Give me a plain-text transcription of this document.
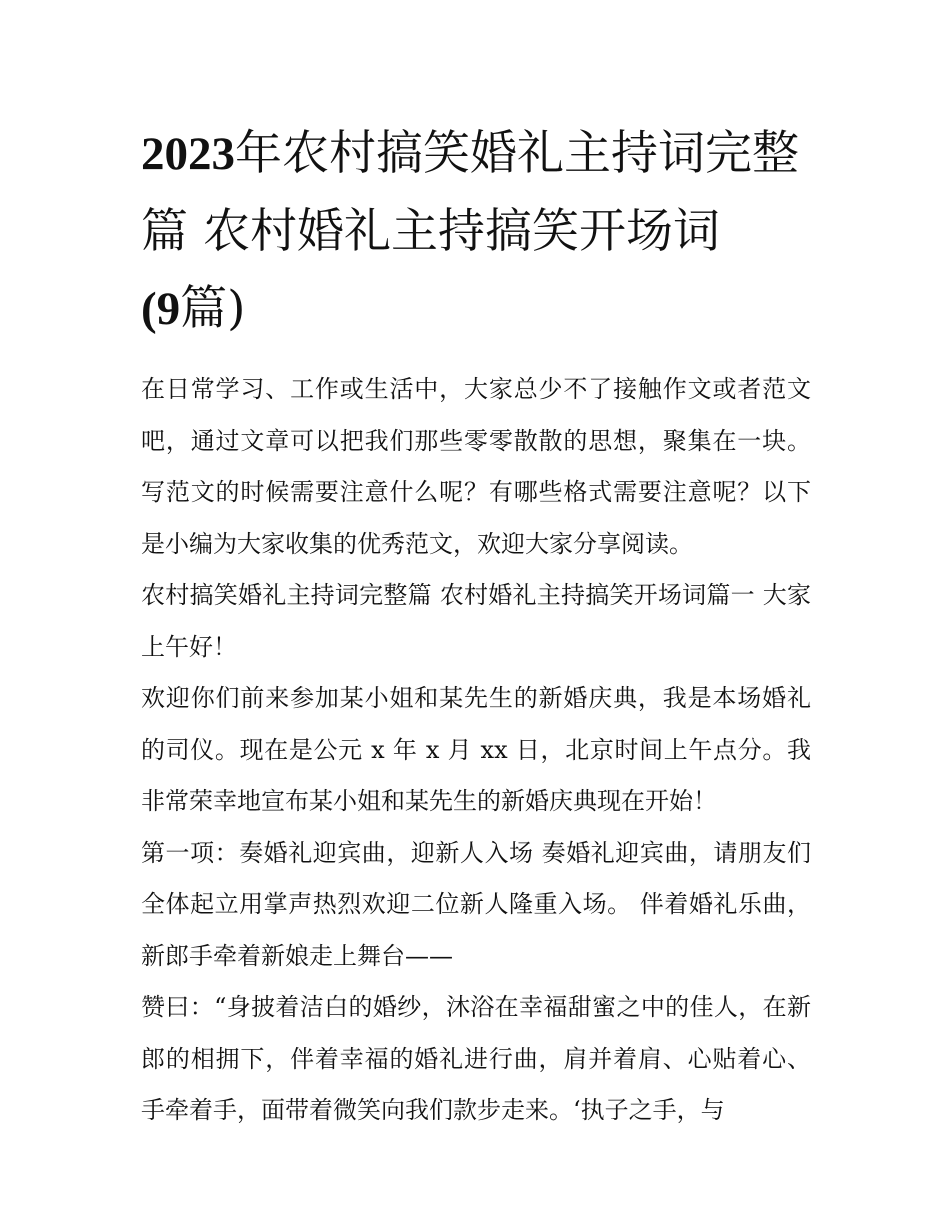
2023年农村搞笑婚礼主持词完整篇 农村婚礼主持搞笑开场词
(9篇)

在日常学习、工作或生活中，大家总少不了接触作文或者范文吧，通过文章可以把我们那些零零散散的思想，聚集在一块。写范文的时候需要注意什么呢？有哪些格式需要注意呢？以下是小编为大家收集的优秀范文，欢迎大家分享阅读。

农村搞笑婚礼主持词完整篇 农村婚礼主持搞笑开场词篇一 大家上午好！

欢迎你们前来参加某小姐和某先生的新婚庆典，我是本场婚礼的司仪。现在是公元 x 年 x 月 xx 日，北京时间上午点分。我非常荣幸地宣布某小姐和某先生的新婚庆典现在开始！

第一项：奏婚礼迎宾曲，迎新人入场 奏婚礼迎宾曲，请朋友们全体起立用掌声热烈欢迎二位新人隆重入场。 伴着婚礼乐曲，新郎手牵着新娘走上舞台——

赞曰：“身披着洁白的婚纱，沐浴在幸福甜蜜之中的佳人，在新郎的相拥下，伴着幸福的婚礼进行曲，肩并着肩、心贴着心、手牵着手，面带着微笑向我们款步走来。‘执子之手，与
